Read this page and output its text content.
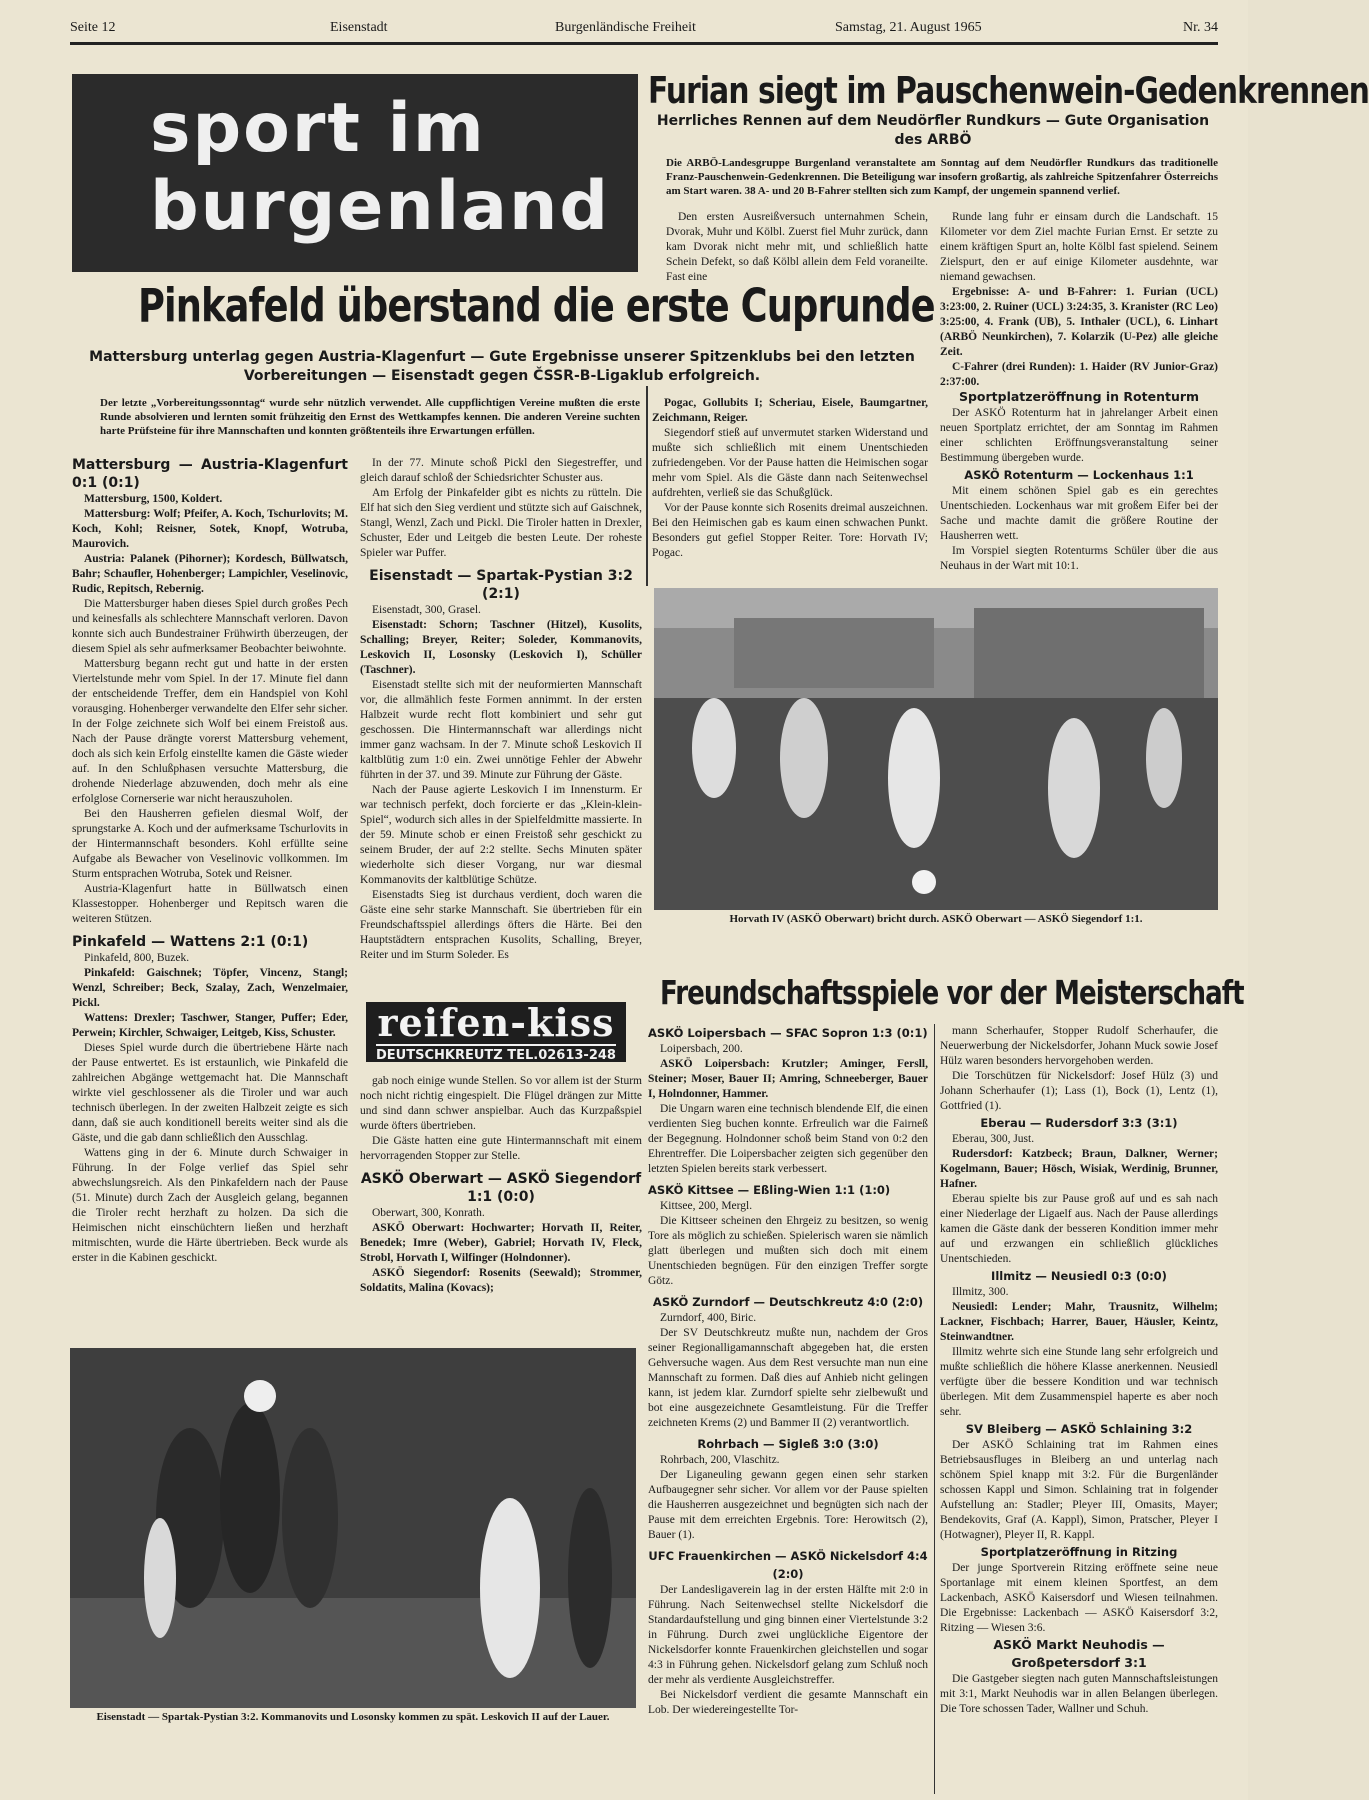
Seite 12	Eisenstadt	Burgenländische Freiheit	Samstag, 21. August 1965	Nr. 34
sport im
burgenland
Furian siegt im Pauschenwein-Gedenkrennen
Herrliches Rennen auf dem Neudörfler Rundkurs — Gute Organisation des ARBÖ
Die ARBÖ-Landesgruppe Burgenland veranstaltete am Sonntag auf dem Neudörfler Rundkurs das traditionelle Franz-Pauschenwein-Gedenkrennen. Die Beteiligung war insofern großartig, als zahlreiche Spitzenfahrer Österreichs am Start waren. 38 A- und 20 B-Fahrer stellten sich zum Kampf, der ungemein spannend verlief.

Den ersten Ausreißversuch unternahmen Schein, Dvorak, Muhr und Kölbl. Zuerst fiel Muhr zurück, dann kam Dvorak nicht mehr mit, und schließlich hatte Schein Defekt, so daß Kölbl allein dem Feld voraneilte. Fast eine

Runde lang fuhr er einsam durch die Landschaft. 15 Kilometer vor dem Ziel machte Furian Ernst. Er setzte zu einem kräftigen Spurt an, holte Kölbl fast spielend. Seinem Zielspurt, den er auf einige Kilometer ausdehnte, war niemand gewachsen.

Ergebnisse: A- und B-Fahrer: 1. Furian (UCL) 3:23:00, 2. Ruiner (UCL) 3:24:35, 3. Kranister (RC Leo) 3:25:00, 4. Frank (UB), 5. Inthaler (UCL), 6. Linhart (ARBÖ Neunkirchen), 7. Kolarzik (U-Pez) alle gleiche Zeit.

C-Fahrer (drei Runden): 1. Haider (RV Junior-Graz) 2:37:00.

Pinkafeld überstand die erste Cuprunde
Mattersburg unterlag gegen Austria-Klagenfurt — Gute Ergebnisse unserer Spitzenklubs bei den letzten Vorbereitungen — Eisenstadt gegen ČSSR-B-Ligaklub erfolgreich.
Der letzte „Vorbereitungssonntag“ wurde sehr nützlich verwendet. Alle cuppflichtigen Vereine mußten die erste Runde absolvieren und lernten somit frühzeitig den Ernst des Wettkampfes kennen. Die anderen Vereine suchten harte Prüfsteine für ihre Mannschaften und konnten größtenteils ihre Erwartungen erfüllen.
Mattersburg — Austria-Klagenfurt 0:1 (0:1)

Mattersburg, 1500, Koldert.

Mattersburg: Wolf; Pfeifer, A. Koch, Tschurlovits; M. Koch, Kohl; Reisner, Sotek, Knopf, Wotruba, Maurovich.

Austria: Palanek (Pihorner); Kordesch, Büllwatsch, Bahr; Schaufler, Hohenberger; Lampichler, Veselinovic, Rudic, Repitsch, Rebernig.

Die Mattersburger haben dieses Spiel durch großes Pech und keinesfalls als schlechtere Mannschaft verloren. Davon konnte sich auch Bundestrainer Frühwirth überzeugen, der diesem Spiel als sehr aufmerksamer Beobachter beiwohnte.

Mattersburg begann recht gut und hatte in der ersten Viertelstunde mehr vom Spiel. In der 17. Minute fiel dann der entscheidende Treffer, dem ein Handspiel von Kohl vorausging. Hohenberger verwandelte den Elfer sehr sicher. In der Folge zeichnete sich Wolf bei einem Freistoß aus. Nach der Pause drängte vorerst Mattersburg vehement, doch als sich kein Erfolg einstellte kamen die Gäste wieder auf. In den Schlußphasen versuchte Mattersburg, die drohende Niederlage abzuwenden, doch mehr als eine erfolglose Cornerserie war nicht herauszuholen.

Bei den Hausherren gefielen diesmal Wolf, der sprungstarke A. Koch und der aufmerksame Tschurlovits in der Hintermannschaft besonders. Kohl erfüllte seine Aufgabe als Bewacher von Veselinovic vollkommen. Im Sturm entsprachen Wotruba, Sotek und Reisner.

Austria-Klagenfurt hatte in Büllwatsch einen Klassestopper. Hohenberger und Repitsch waren die weiteren Stützen.

Pinkafeld — Wattens 2:1 (0:1)

Pinkafeld, 800, Buzek.

Pinkafeld: Gaischnek; Töpfer, Vincenz, Stangl; Wenzl, Schreiber; Beck, Szalay, Zach, Wenzelmaier, Pickl.

Wattens: Drexler; Taschwer, Stanger, Puffer; Eder, Perwein; Kirchler, Schwaiger, Leitgeb, Kiss, Schuster.

Dieses Spiel wurde durch die übertriebene Härte nach der Pause entwertet. Es ist erstaunlich, wie Pinkafeld die zahlreichen Abgänge wettgemacht hat. Die Mannschaft wirkte viel geschlossener als die Tiroler und war auch technisch überlegen. In der zweiten Halbzeit zeigte es sich dann, daß sie auch konditionell bereits weiter sind als die Gäste, und die gab dann schließlich den Ausschlag.

Wattens ging in der 6. Minute durch Schwaiger in Führung. In der Folge verlief das Spiel sehr abwechslungsreich. Als den Pinkafeldern nach der Pause (51. Minute) durch Zach der Ausgleich gelang, begannen die Tiroler recht herzhaft zu holzen. Da sich die Heimischen nicht einschüchtern ließen und herzhaft mitmischten, wurde die Härte übertrieben. Beck wurde als erster in die Kabinen geschickt.

In der 77. Minute schoß Pickl den Siegestreffer, und gleich darauf schloß der Schiedsrichter Schuster aus.

Am Erfolg der Pinkafelder gibt es nichts zu rütteln. Die Elf hat sich den Sieg verdient und stützte sich auf Gaischnek, Stangl, Wenzl, Zach und Pickl. Die Tiroler hatten in Drexler, Schuster, Eder und Leitgeb die besten Leute. Der roheste Spieler war Puffer.

Eisenstadt — Spartak-Pystian 3:2 (2:1)

Eisenstadt, 300, Grasel.

Eisenstadt: Schorn; Taschner (Hitzel), Kusolits, Schalling; Breyer, Reiter; Soleder, Kommanovits, Leskovich II, Losonsky (Leskovich I), Schüller (Taschner).

Eisenstadt stellte sich mit der neuformierten Mannschaft vor, die allmählich feste Formen annimmt. In der ersten Halbzeit wurde recht flott kombiniert und sehr gut geschossen. Die Hintermannschaft war allerdings nicht immer ganz wachsam. In der 7. Minute schoß Leskovich II kaltblütig zum 1:0 ein. Zwei unnötige Fehler der Abwehr führten in der 37. und 39. Minute zur Führung der Gäste.

Nach der Pause agierte Leskovich I im Innensturm. Er war technisch perfekt, doch forcierte er das „Klein-klein-Spiel“, wodurch sich alles in der Spielfeldmitte massierte. In der 59. Minute schob er einen Freistoß sehr geschickt zu seinem Bruder, der auf 2:2 stellte. Sechs Minuten später wiederholte sich dieser Vorgang, nur war diesmal Kommanovits der kaltblütige Schütze.

Eisenstadts Sieg ist durchaus verdient, doch waren die Gäste eine sehr starke Mannschaft. Sie übertrieben für ein Freundschaftsspiel allerdings öfters die Härte. Bei den Hauptstädtern entsprachen Kusolits, Schalling, Breyer, Reiter und im Sturm Soleder. Es

reifen-kiss
DEUTSCHKREUTZ TEL.02613-248

gab noch einige wunde Stellen. So vor allem ist der Sturm noch nicht richtig eingespielt. Die Flügel drängen zur Mitte und sind dann schwer anspielbar. Auch das Kurzpaßspiel wurde öfters übertrieben.

Die Gäste hatten eine gute Hintermannschaft mit einem hervorragenden Stopper zur Stelle.

ASKÖ Oberwart — ASKÖ Siegendorf 1:1 (0:0)

Oberwart, 300, Konrath.

ASKÖ Oberwart: Hochwarter; Horvath II, Reiter, Benedek; Imre (Weber), Gabriel; Horvath IV, Fleck, Strobl, Horvath I, Wilfinger (Holndonner).

ASKÖ Siegendorf: Rosenits (Seewald); Strommer, Soldatits, Malina (Kovacs);

Pogac, Gollubits I; Scheriau, Eisele, Baumgartner, Zeichmann, Reiger.

Siegendorf stieß auf unvermutet starken Widerstand und mußte sich schließlich mit einem Unentschieden zufriedengeben. Vor der Pause hatten die Heimischen sogar mehr vom Spiel. Als die Gäste dann nach Seitenwechsel aufdrehten, verließ sie das Schußglück.

Vor der Pause konnte sich Rosenits dreimal auszeichnen. Bei den Heimischen gab es kaum einen schwachen Punkt. Besonders gut gefiel Stopper Reiter. Tore: Horvath IV; Pogac.

Sportplatzeröffnung in Rotenturm

Der ASKÖ Rotenturm hat in jahrelanger Arbeit einen neuen Sportplatz errichtet, der am Sonntag im Rahmen einer schlichten Eröffnungsveranstaltung seiner Bestimmung übergeben wurde.

ASKÖ Rotenturm — Lockenhaus 1:1

Mit einem schönen Spiel gab es ein gerechtes Unentschieden. Lockenhaus war mit großem Eifer bei der Sache und machte damit die größere Routine der Hausherren wett.

Im Vorspiel siegten Rotenturms Schüler über die aus Neuhaus in der Wart mit 10:1.

Horvath IV (ASKÖ Oberwart) bricht durch. ASKÖ Oberwart — ASKÖ Siegendorf 1:1.
Freundschaftsspiele vor der Meisterschaft
ASKÖ Loipersbach — SFAC Sopron 1:3 (0:1)

Loipersbach, 200.

ASKÖ Loipersbach: Krutzler; Aminger, Fersll, Steiner; Moser, Bauer II; Amring, Schneeberger, Bauer I, Holndonner, Hammer.

Die Ungarn waren eine technisch blendende Elf, die einen verdienten Sieg buchen konnte. Erfreulich war die Fairneß der Begegnung. Holndonner schoß beim Stand von 0:2 den Ehrentreffer. Die Loipersbacher zeigten sich gegenüber den letzten Spielen bereits stark verbessert.

ASKÖ Kittsee — Eßling-Wien 1:1 (1:0)

Kittsee, 200, Mergl.

Die Kittseer scheinen den Ehrgeiz zu besitzen, so wenig Tore als möglich zu schießen. Spielerisch waren sie nämlich glatt überlegen und mußten sich doch mit einem Unentschieden begnügen. Für den einzigen Treffer sorgte Götz.

ASKÖ Zurndorf — Deutschkreutz 4:0 (2:0)

Zurndorf, 400, Biric.

Der SV Deutschkreutz mußte nun, nachdem der Gros seiner Regionalligamannschaft abgegeben hat, die ersten Gehversuche wagen. Aus dem Rest versuchte man nun eine Mannschaft zu formen. Daß dies auf Anhieb nicht gelingen kann, ist jedem klar. Zurndorf spielte sehr zielbewußt und bot eine ausgezeichnete Gesamtleistung. Für die Treffer zeichneten Krems (2) und Bammer II (2) verantwortlich.

Rohrbach — Sigleß 3:0 (3:0)

Rohrbach, 200, Vlaschitz.

Der Liganeuling gewann gegen einen sehr starken Aufbaugegner sehr sicher. Vor allem vor der Pause spielten die Hausherren ausgezeichnet und begnügten sich nach der Pause mit dem erreichten Ergebnis. Tore: Herowitsch (2), Bauer (1).

UFC Frauenkirchen — ASKÖ Nickelsdorf 4:4 (2:0)

Der Landesligaverein lag in der ersten Hälfte mit 2:0 in Führung. Nach Seitenwechsel stellte Nickelsdorf die Standardaufstellung und ging binnen einer Viertelstunde 3:2 in Führung. Durch zwei unglückliche Eigentore der Nickelsdorfer konnte Frauenkirchen gleichstellen und sogar 4:3 in Führung gehen. Nickelsdorf gelang zum Schluß noch der mehr als verdiente Ausgleichstreffer.

Bei Nickelsdorf verdient die gesamte Mannschaft ein Lob. Der wiedereingestellte Tor-

mann Scherhaufer, Stopper Rudolf Scherhaufer, die Neuerwerbung der Nickelsdorfer, Johann Muck sowie Josef Hülz waren besonders hervorgehoben werden.

Die Torschützen für Nickelsdorf: Josef Hülz (3) und Johann Scherhaufer (1); Lass (1), Bock (1), Lentz (1), Gottfried (1).

Eberau — Rudersdorf 3:3 (3:1)

Eberau, 300, Just.

Rudersdorf: Katzbeck; Braun, Dalkner, Werner; Kogelmann, Bauer; Hösch, Wisiak, Werdinig, Brunner, Hafner.

Eberau spielte bis zur Pause groß auf und es sah nach einer Niederlage der Ligaelf aus. Nach der Pause allerdings kamen die Gäste dank der besseren Kondition immer mehr auf und erzwangen ein schließlich glückliches Unentschieden.

Illmitz — Neusiedl 0:3 (0:0)

Illmitz, 300.

Neusiedl: Lender; Mahr, Trausnitz, Wilhelm; Lackner, Fischbach; Harrer, Bauer, Häusler, Keintz, Steinwandtner.

Illmitz wehrte sich eine Stunde lang sehr erfolgreich und mußte schließlich die höhere Klasse anerkennen. Neusiedl verfügte über die bessere Kondition und war technisch überlegen. Mit dem Zusammenspiel haperte es aber noch sehr.

SV Bleiberg — ASKÖ Schlaining 3:2

Der ASKÖ Schlaining trat im Rahmen eines Betriebsausfluges in Bleiberg an und unterlag nach schönem Spiel knapp mit 3:2. Für die Burgenländer schossen Kappl und Simon. Schlaining trat in folgender Aufstellung an: Stadler; Pleyer III, Omasits, Mayer; Bendekovits, Graf (A. Kappl), Simon, Pratscher, Pleyer I (Hotwagner), Pleyer II, R. Kappl.

Sportplatzeröffnung in Ritzing

Der junge Sportverein Ritzing eröffnete seine neue Sportanlage mit einem kleinen Sportfest, an dem Lackenbach, ASKÖ Kaisersdorf und Wiesen teilnahmen. Die Ergebnisse: Lackenbach — ASKÖ Kaisersdorf 3:2, Ritzing — Wiesen 3:6.

ASKÖ Markt Neuhodis — Großpetersdorf 3:1

Die Gastgeber siegten nach guten Mannschaftsleistungen mit 3:1, Markt Neuhodis war in allen Belangen überlegen. Die Tore schossen Tader, Wallner und Schuh.

Eisenstadt — Spartak-Pystian 3:2. Kommanovits und Losonsky kommen zu spät. Leskovich II auf der Lauer.
